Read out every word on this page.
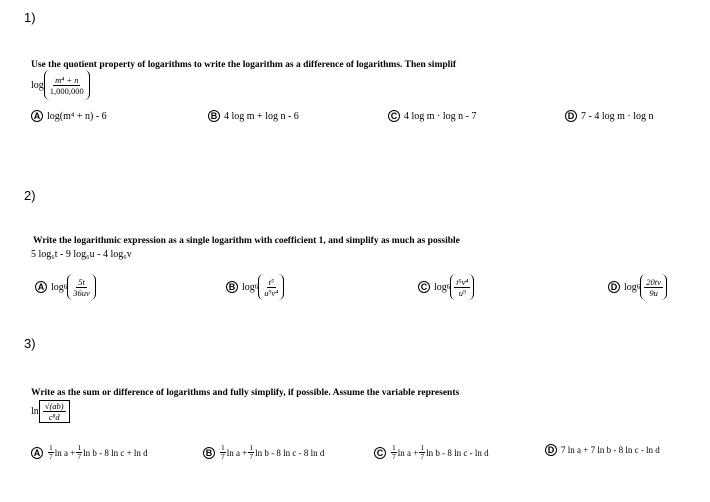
1)
Use the quotient property of logarithms to write the logarithm as a difference of logarithms. Then simplif
$\log \frac{\text{m⁴ + n}}{1,000,000}$
A log(m⁴ + n) - 6	B 4 log m + log n - 6	C 4 log m · log n - 7	D 7 - 4 log m · log n
2)
Write the logarithmic expression as a single logarithm with coefficient 1, and simplify as much as possible
5 log₆t - 9 log₆u - 4 log₆v
A $\log 6 \frac{5t}{36uv}$	B $\log 6 \frac{\text{t⁵}}{\text{u⁹v⁴}}$	C $\log 6 \frac{\text{t⁵v⁴}}{\text{u⁹}}$	D $\log 6 \frac{20tv}{9u}$
3)
Write as the sum or difference of logarithms and fully simplify, if possible. Assume the variable represents
$\ln \frac{√(ab)}{\text{c⁸d}}$
A	$\frac{1}{7}$ $\ln a + \frac{1}{7}$ ln b - 8 ln c + ln d	B	$\frac{1}{7}$ $\ln a + \frac{1}{7}$ ln b - 8 ln c - 8 ln d	C	$\frac{1}{7}$ $\ln a + \frac{1}{7}$ ln b - 8 ln c - ln d	D 7 ln a + 7 ln b - 8 ln c - ln d
